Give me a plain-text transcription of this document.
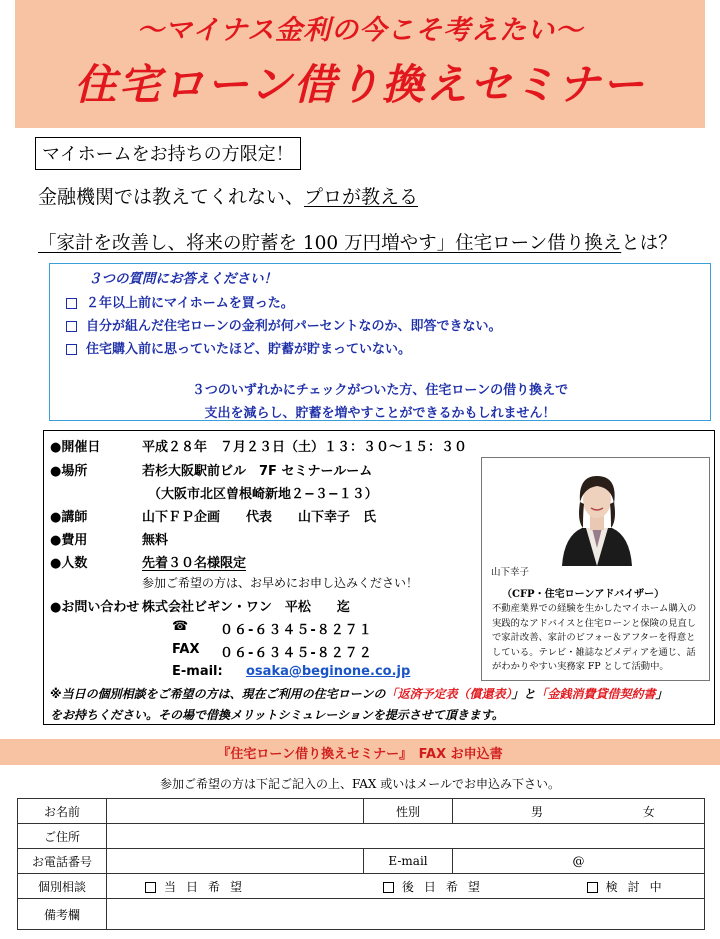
〜マイナス金利の今こそ考えたい〜
住宅ローン借り換えセミナー
マイホームをお持ちの方限定！
金融機関では教えてくれない、プロが教える
「家計を改善し、将来の貯蓄を 100 万円増やす」住宅ローン借り換えとは？
３つの質問にお答えください！
２年以上前にマイホームを買った。
自分が組んだ住宅ローンの金利が何パーセントなのか、即答できない。
住宅購入前に思っていたほど、貯蓄が貯まっていない。
３つのいずれかにチェックがついた方、住宅ローンの借り換えで
支出を減らし、貯蓄を増やすことができるかもしれません！
●開催日	平成２８年　７月２３日（土）１３：３０〜１５：３０
●場所	若杉大阪駅前ビル　7F セミナールーム
（大阪市北区曽根崎新地２−３−１３）
●講師	山下ＦＰ企画　　代表　　山下幸子　氏
●費用	無料
●人数	先着３０名様限定
参加ご希望の方は、お早めにお申し込みください！
●お問い合わせ 株式会社ビギン・ワン　平松　　迄
☎ ０６-６３４５-８２７１
FAX ０６-６３４５-８２７２
E-mail: osaka@beginone.co.jp
※当日の個別相談をご希望の方は、現在ご利用の住宅ローンの「返済予定表（償還表）」と「金銭消費貸借契約書」
をお持ちください。その場で借換メリットシミュレーションを提示させて頂きます。
山下幸子
（CFP・住宅ローンアドバイザー）
不動産業界での経験を生かしたマイホーム購入の実践的なアドバイスと住宅ローンと保険の見直しで家計改善、家計のビフォー＆アフターを得意としている。テレビ・雑誌などメディアを通じ、話がわかりやすい実務家 FP として活動中。
『住宅ローン借り換えセミナー』　FAX お申込書
参加ご希望の方は下記ご記入の上、FAX 或いはメールでお申込み下さい。
お名前		性別	男 女
ご住所			
お電話番号		E-mail	@
個別相談	当日希望 後日希望 検討中		
備考欄			
